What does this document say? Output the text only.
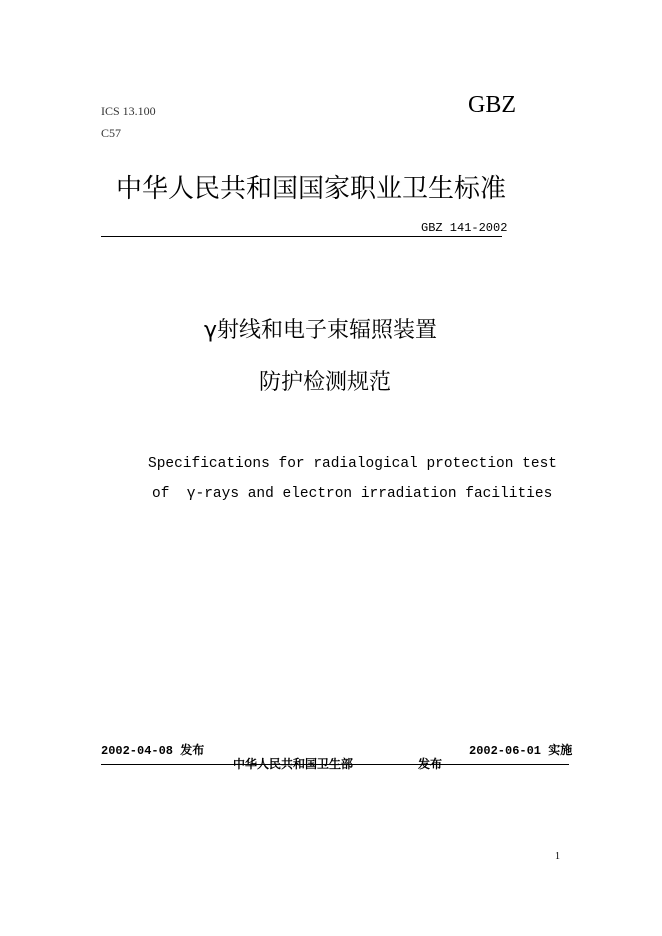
ICS 13.100
C57
GBZ
中华人民共和国国家职业卫生标准
GBZ 141-2002
γ射线和电子束辐照装置
防护检测规范
Specifications for radialogical protection test
of  γ-rays and electron irradiation facilities
2002-04-08 发布	2002-06-01 实施
中华人民共和国卫生部	发布
1
